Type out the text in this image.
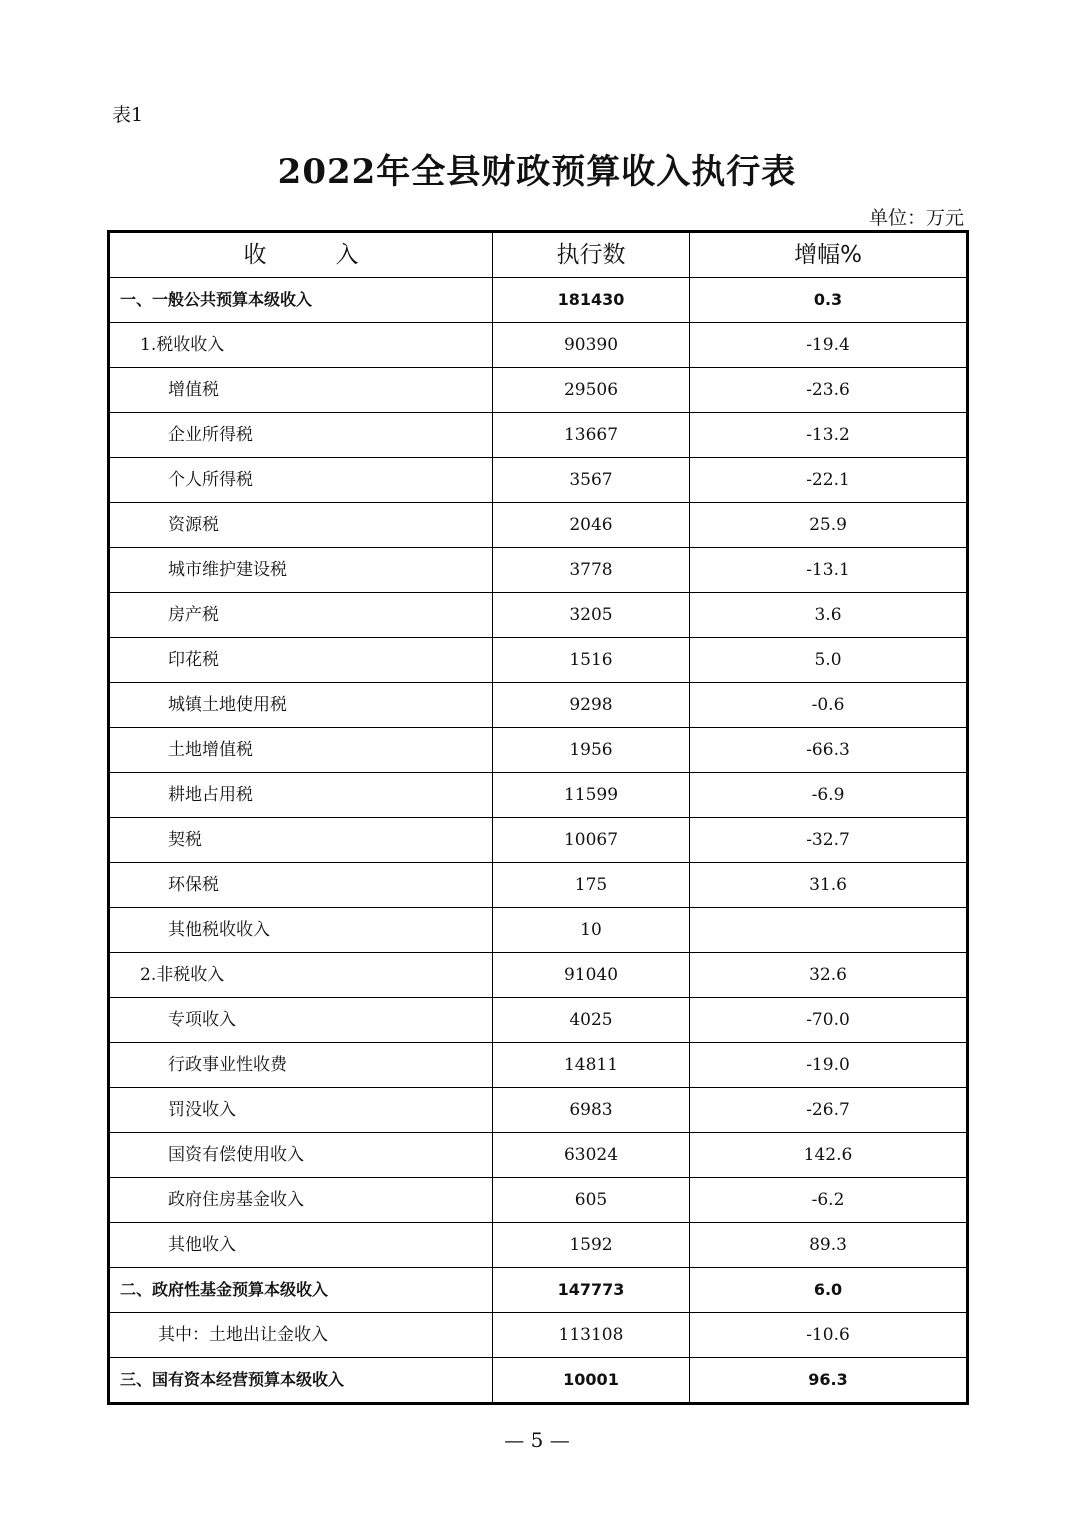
表1
2022年全县财政预算收入执行表
单位：万元
收　　　入	执行数	增幅%
一、一般公共预算本级收入	181430	0.3
1.税收收入	90390	-19.4
增值税	29506	-23.6
企业所得税	13667	-13.2
个人所得税	3567	-22.1
资源税	2046	25.9
城市维护建设税	3778	-13.1
房产税	3205	3.6
印花税	1516	5.0
城镇土地使用税	9298	-0.6
土地增值税	1956	-66.3
耕地占用税	11599	-6.9
契税	10067	-32.7
环保税	175	31.6
其他税收收入	10	
2.非税收入	91040	32.6
专项收入	4025	-70.0
行政事业性收费	14811	-19.0
罚没收入	6983	-26.7
国资有偿使用收入	63024	142.6
政府住房基金收入	605	-6.2
其他收入	1592	89.3
二、政府性基金预算本级收入	147773	6.0
其中：土地出让金收入	113108	-10.6
三、国有资本经营预算本级收入	10001	96.3
— 5 —
